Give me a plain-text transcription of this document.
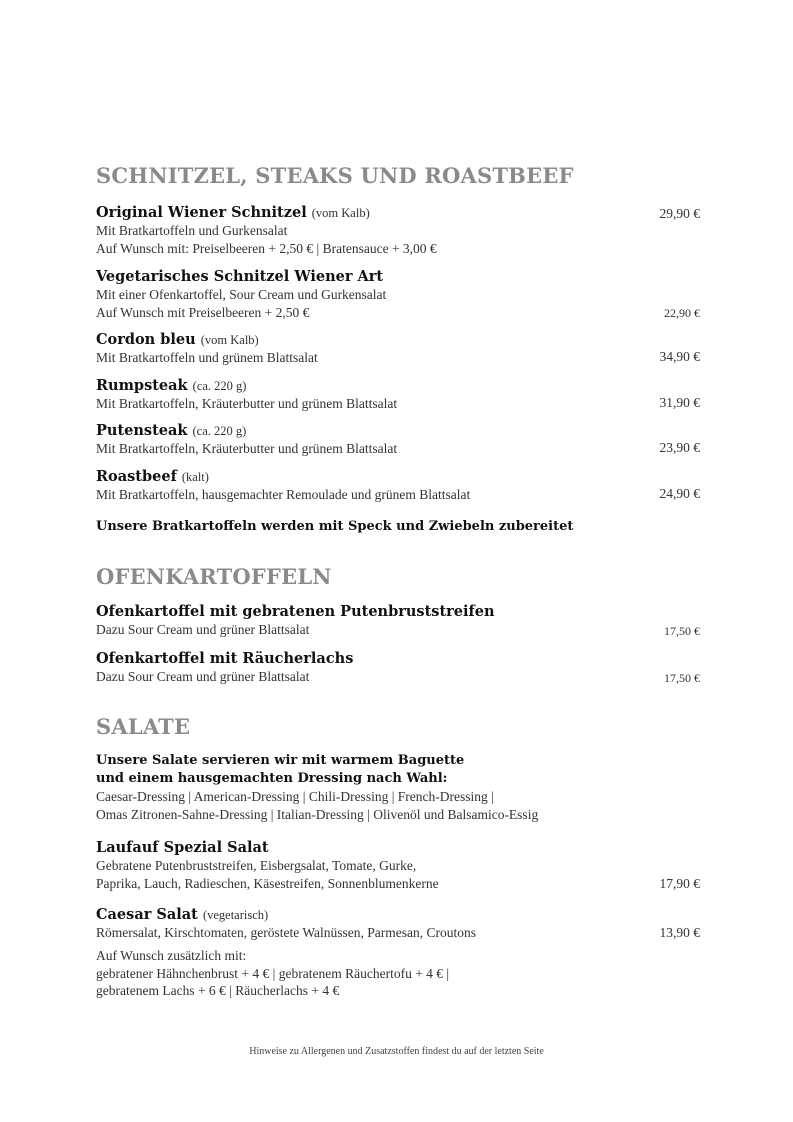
SCHNITZEL, STEAKS UND ROASTBEEF
Original Wiener Schnitzel (vom Kalb)
Mit Bratkartoffeln und Gurkensalat
Auf Wunsch mit: Preiselbeeren + 2,50 € | Bratensauce + 3,00 €
29,90 €
Vegetarisches Schnitzel Wiener Art
Mit einer Ofenkartoffel, Sour Cream und Gurkensalat
Auf Wunsch mit Preiselbeeren + 2,50 €	22,90 €
Cordon bleu (vom Kalb)
Mit Bratkartoffeln und grünem Blattsalat	34,90 €
Rumpsteak (ca. 220 g)
Mit Bratkartoffeln, Kräuterbutter und grünem Blattsalat	31,90 €
Putensteak (ca. 220 g)
Mit Bratkartoffeln, Kräuterbutter und grünem Blattsalat	23,90 €
Roastbeef (kalt)
Mit Bratkartoffeln, hausgemachter Remoulade und grünem Blattsalat	24,90 €
Unsere Bratkartoffeln werden mit Speck und Zwiebeln zubereitet
OFENKARTOFFELN
Ofenkartoffel mit gebratenen Putenbruststreifen
Dazu Sour Cream und grüner Blattsalat	17,50 €
Ofenkartoffel mit Räucherlachs
Dazu Sour Cream und grüner Blattsalat	17,50 €
SALATE
Unsere Salate servieren wir mit warmem Baguette
und einem hausgemachten Dressing nach Wahl:
Caesar-Dressing | American-Dressing | Chili-Dressing | French-Dressing |
Omas Zitronen-Sahne-Dressing | Italian-Dressing | Olivenöl und Balsamico-Essig
Laufauf Spezial Salat
Gebratene Putenbruststreifen, Eisbergsalat, Tomate, Gurke,
Paprika, Lauch, Radieschen, Käsestreifen, Sonnenblumenkerne	17,90 €
Caesar Salat (vegetarisch)
Römersalat, Kirschtomaten, geröstete Walnüssen, Parmesan, Croutons	13,90 €
Auf Wunsch zusätzlich mit:
gebratener Hähnchenbrust + 4 € | gebratenem Räuchertofu + 4 € |
gebratenem Lachs + 6 € | Räucherlachs + 4 €
Hinweise zu Allergenen und Zusatzstoffen findest du auf der letzten Seite
